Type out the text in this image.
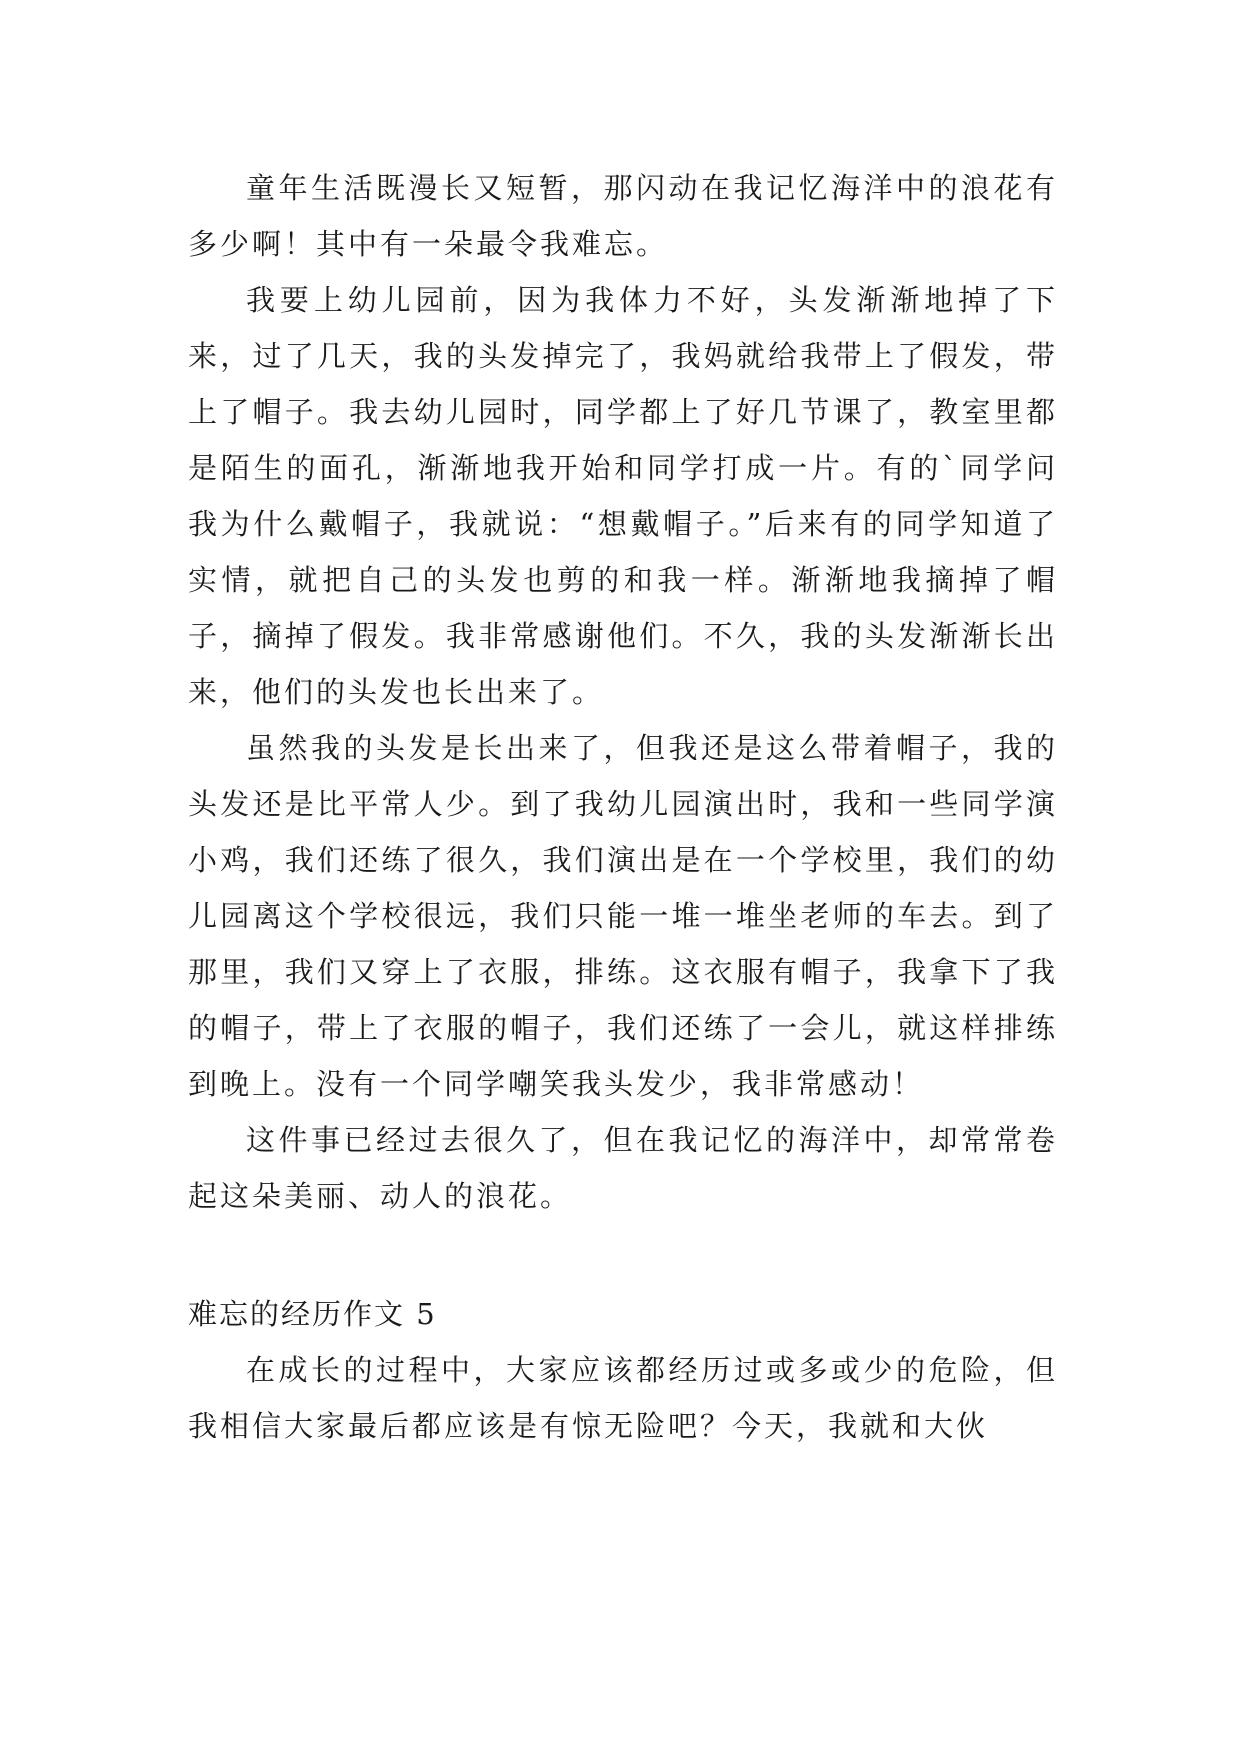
童年生活既漫长又短暂，那闪动在我记忆海洋中的浪花有多少啊！其中有一朵最令我难忘。

我要上幼儿园前，因为我体力不好，头发渐渐地掉了下来，过了几天，我的头发掉完了，我妈就给我带上了假发，带上了帽子。我去幼儿园时，同学都上了好几节课了，教室里都是陌生的面孔，渐渐地我开始和同学打成一片。有的`同学问我为什么戴帽子，我就说：“想戴帽子。”后来有的同学知道了实情，就把自己的头发也剪的和我一样。渐渐地我摘掉了帽子，摘掉了假发。我非常感谢他们。不久，我的头发渐渐长出来，他们的头发也长出来了。

虽然我的头发是长出来了，但我还是这么带着帽子，我的头发还是比平常人少。到了我幼儿园演出时，我和一些同学演小鸡，我们还练了很久，我们演出是在一个学校里，我们的幼儿园离这个学校很远，我们只能一堆一堆坐老师的车去。到了那里，我们又穿上了衣服，排练。这衣服有帽子，我拿下了我的帽子，带上了衣服的帽子，我们还练了一会儿，就这样排练到晚上。没有一个同学嘲笑我头发少，我非常感动！

这件事已经过去很久了，但在我记忆的海洋中，却常常卷起这朵美丽、动人的浪花。

难忘的经历作文 5

在成长的过程中，大家应该都经历过或多或少的危险，但我相信大家最后都应该是有惊无险吧？今天，我就和大伙
